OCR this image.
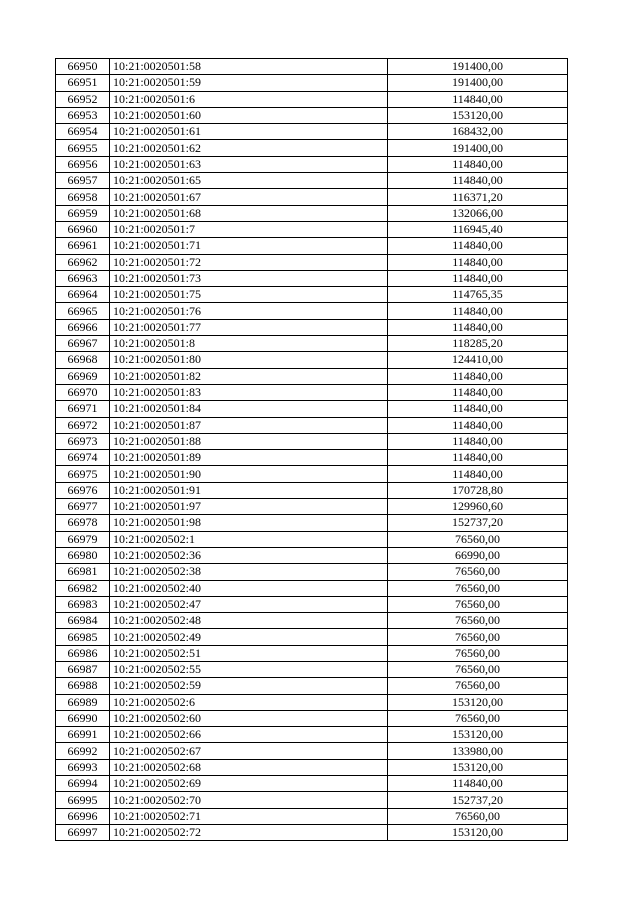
66950	10:21:0020501:58	191400,00
66951	10:21:0020501:59	191400,00
66952	10:21:0020501:6	114840,00
66953	10:21:0020501:60	153120,00
66954	10:21:0020501:61	168432,00
66955	10:21:0020501:62	191400,00
66956	10:21:0020501:63	114840,00
66957	10:21:0020501:65	114840,00
66958	10:21:0020501:67	116371,20
66959	10:21:0020501:68	132066,00
66960	10:21:0020501:7	116945,40
66961	10:21:0020501:71	114840,00
66962	10:21:0020501:72	114840,00
66963	10:21:0020501:73	114840,00
66964	10:21:0020501:75	114765,35
66965	10:21:0020501:76	114840,00
66966	10:21:0020501:77	114840,00
66967	10:21:0020501:8	118285,20
66968	10:21:0020501:80	124410,00
66969	10:21:0020501:82	114840,00
66970	10:21:0020501:83	114840,00
66971	10:21:0020501:84	114840,00
66972	10:21:0020501:87	114840,00
66973	10:21:0020501:88	114840,00
66974	10:21:0020501:89	114840,00
66975	10:21:0020501:90	114840,00
66976	10:21:0020501:91	170728,80
66977	10:21:0020501:97	129960,60
66978	10:21:0020501:98	152737,20
66979	10:21:0020502:1	76560,00
66980	10:21:0020502:36	66990,00
66981	10:21:0020502:38	76560,00
66982	10:21:0020502:40	76560,00
66983	10:21:0020502:47	76560,00
66984	10:21:0020502:48	76560,00
66985	10:21:0020502:49	76560,00
66986	10:21:0020502:51	76560,00
66987	10:21:0020502:55	76560,00
66988	10:21:0020502:59	76560,00
66989	10:21:0020502:6	153120,00
66990	10:21:0020502:60	76560,00
66991	10:21:0020502:66	153120,00
66992	10:21:0020502:67	133980,00
66993	10:21:0020502:68	153120,00
66994	10:21:0020502:69	114840,00
66995	10:21:0020502:70	152737,20
66996	10:21:0020502:71	76560,00
66997	10:21:0020502:72	153120,00
